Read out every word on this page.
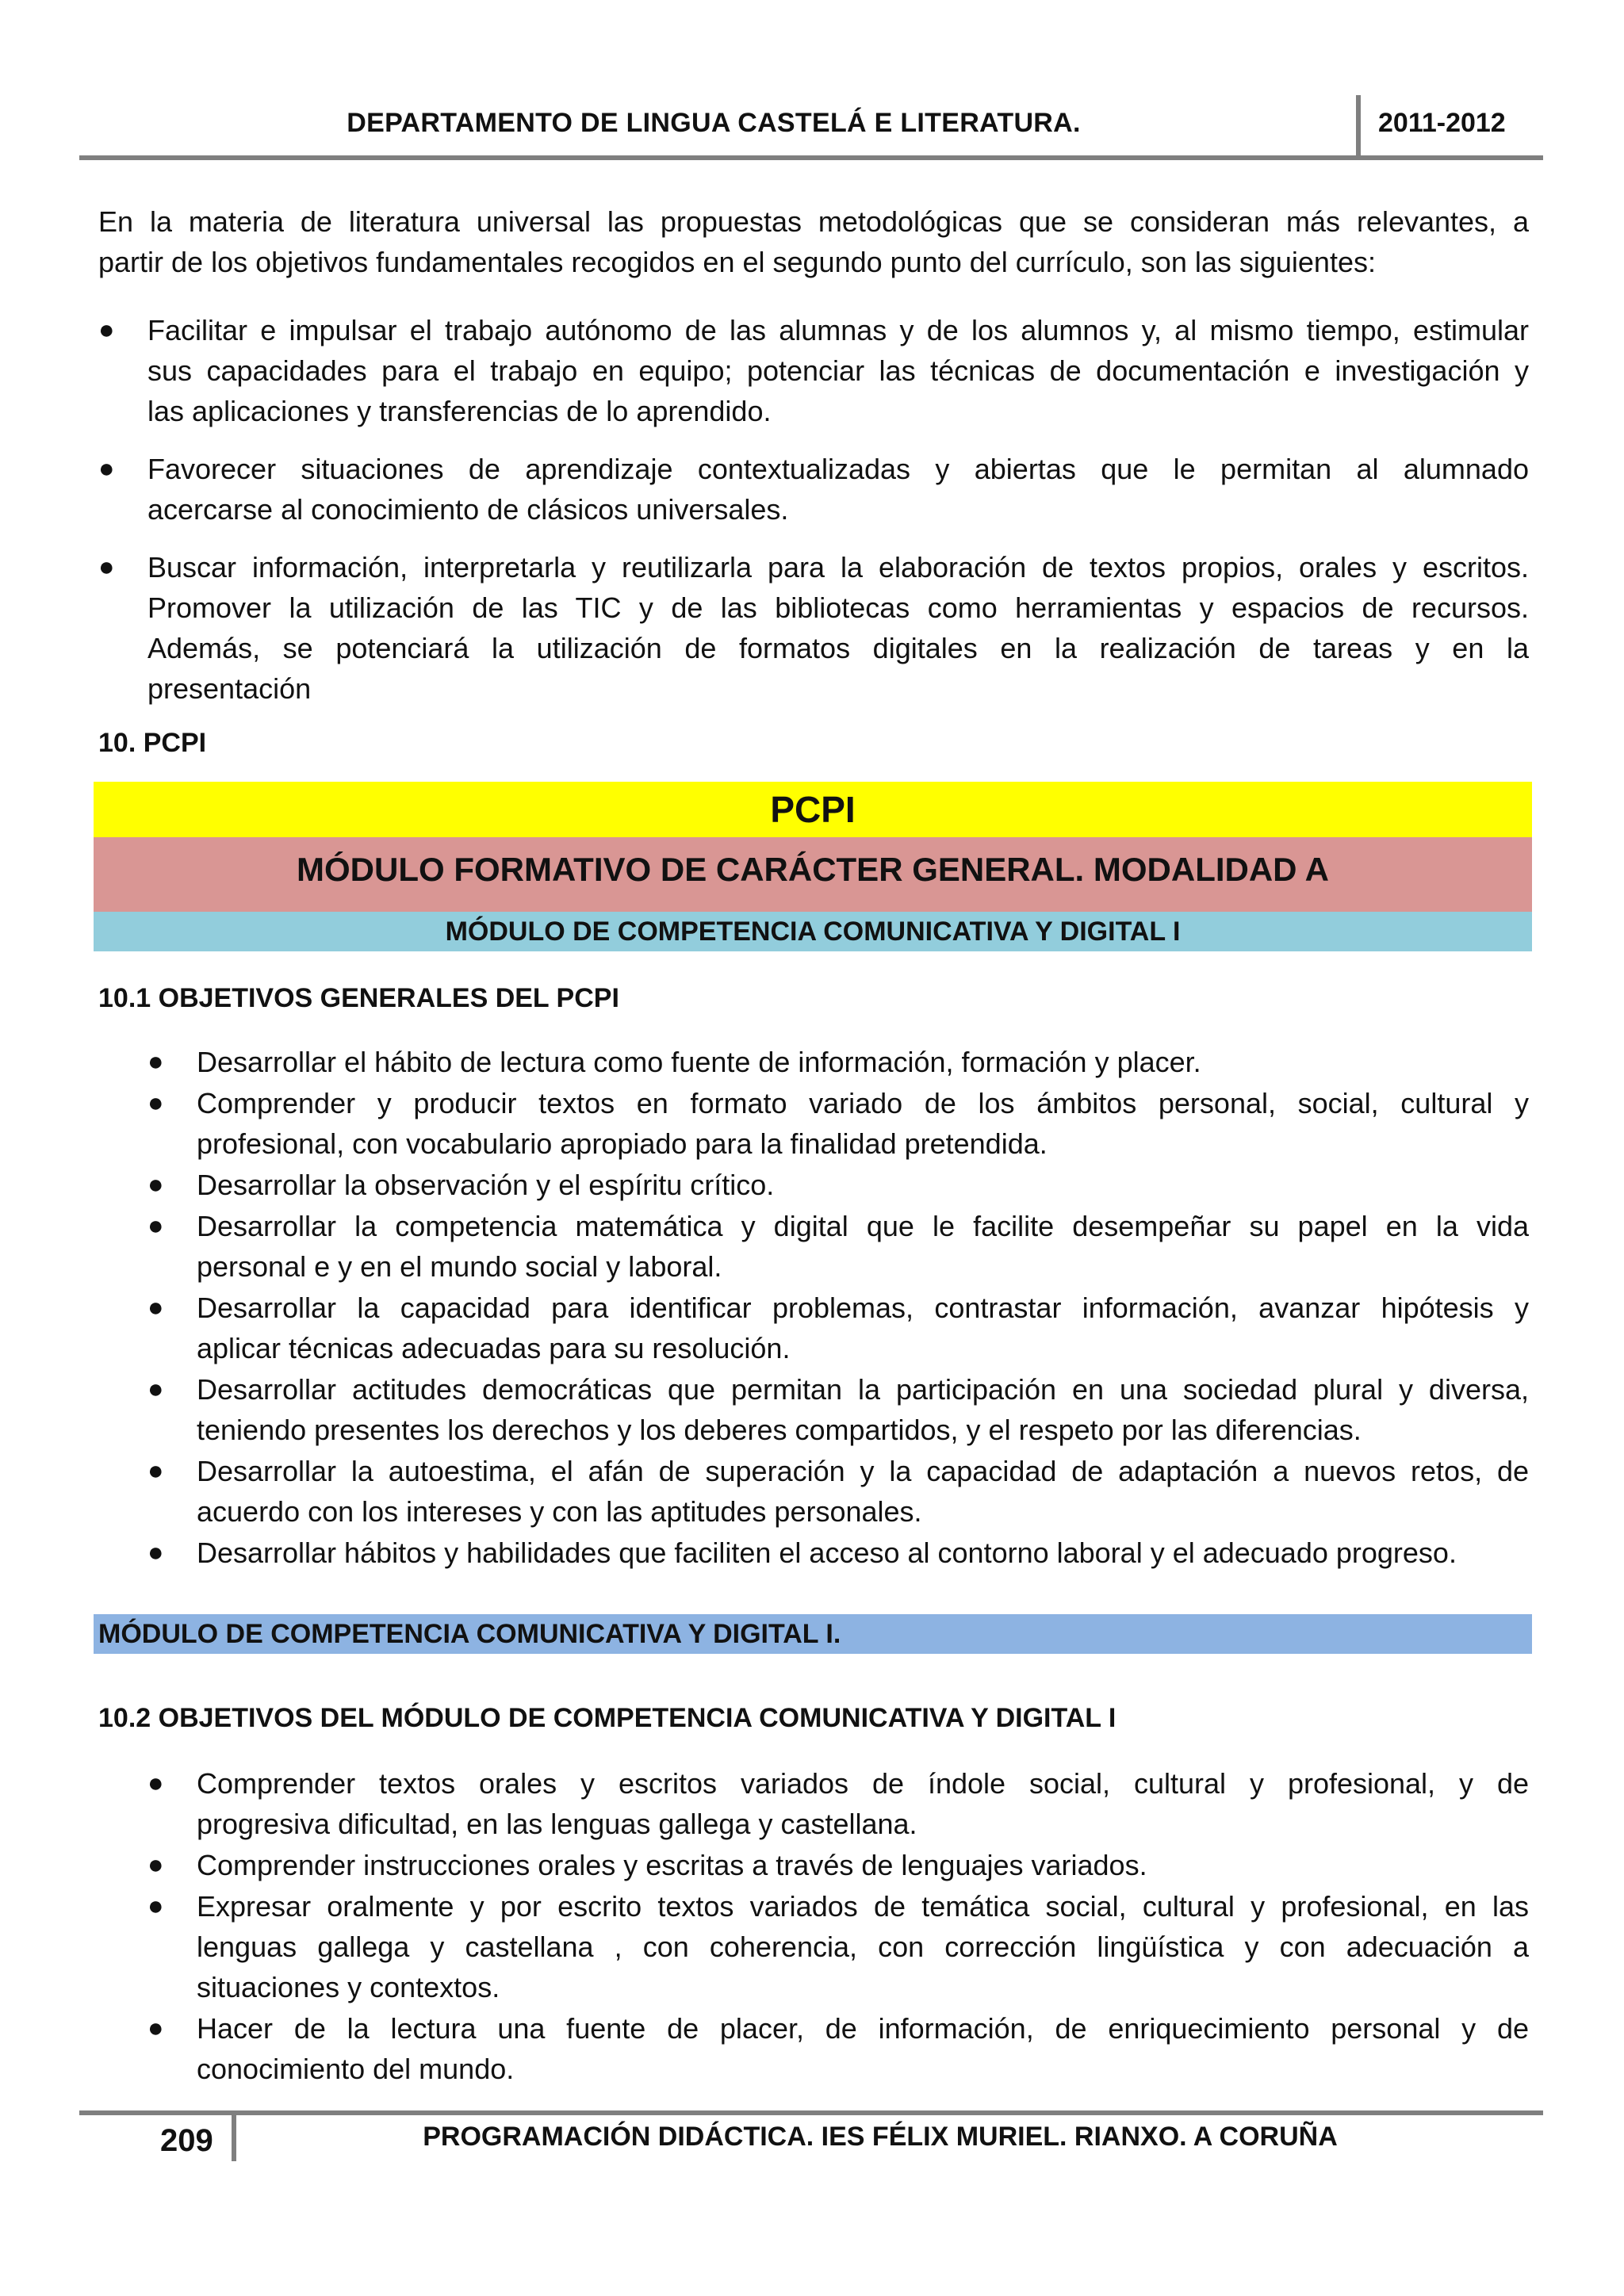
DEPARTAMENTO DE LINGUA CASTELÁ E LITERATURA.	2011-2012

En la materia de literatura universal las propuestas metodológicas que se consideran más relevantes, a

partir de los objetivos fundamentales recogidos en el segundo punto del currículo, son las siguientes:

● Facilitar e impulsar el trabajo autónomo de las alumnas y de los alumnos y, al mismo tiempo, estimular

sus capacidades para el trabajo en equipo; potenciar las técnicas de documentación e investigación y

las aplicaciones y transferencias de lo aprendido.

● Favorecer situaciones de aprendizaje contextualizadas y abiertas que le permitan al alumnado

acercarse al conocimiento de clásicos universales.

● Buscar información, interpretarla y reutilizarla para la elaboración de textos propios, orales y escritos.

Promover la utilización de las TIC y de las bibliotecas como herramientas y espacios de recursos.

Además, se potenciará la utilización de formatos digitales en la realización de tareas y en la

presentación

10. PCPI
PCPI
MÓDULO FORMATIVO DE CARÁCTER GENERAL. MODALIDAD A
MÓDULO DE COMPETENCIA COMUNICATIVA Y DIGITAL I
10.1 OBJETIVOS GENERALES DEL PCPI
● Desarrollar el hábito de lectura como fuente de información, formación y placer.

● Comprender y producir textos en formato variado de los ámbitos personal, social, cultural y

profesional, con vocabulario apropiado para la finalidad pretendida.

● Desarrollar la observación y el espíritu crítico.

● Desarrollar la competencia matemática y digital que le facilite desempeñar su papel en la vida

personal e y en el mundo social y laboral.

● Desarrollar la capacidad para identificar problemas, contrastar información, avanzar hipótesis y

aplicar técnicas adecuadas para su resolución.

● Desarrollar actitudes democráticas que permitan la participación en una sociedad plural y diversa,

teniendo presentes los derechos y los deberes compartidos, y el respeto por las diferencias.

● Desarrollar la autoestima, el afán de superación y la capacidad de adaptación a nuevos retos, de

acuerdo con los intereses y con las aptitudes personales.

● Desarrollar hábitos y habilidades que faciliten el acceso al contorno laboral y el adecuado progreso.

MÓDULO DE COMPETENCIA COMUNICATIVA Y DIGITAL I.
10.2 OBJETIVOS DEL MÓDULO DE COMPETENCIA COMUNICATIVA Y DIGITAL I
● Comprender textos orales y escritos variados de índole social, cultural y profesional, y de

progresiva dificultad, en las lenguas gallega y castellana.

● Comprender instrucciones orales y escritas a través de lenguajes variados.

● Expresar oralmente y por escrito textos variados de temática social, cultural y profesional, en las

lenguas gallega y castellana , con coherencia, con corrección lingüística y con adecuación a

situaciones y contextos.

● Hacer de la lectura una fuente de placer, de información, de enriquecimiento personal y de

conocimiento del mundo.

209	PROGRAMACIÓN DIDÁCTICA. IES FÉLIX MURIEL. RIANXO. A CORUÑA
